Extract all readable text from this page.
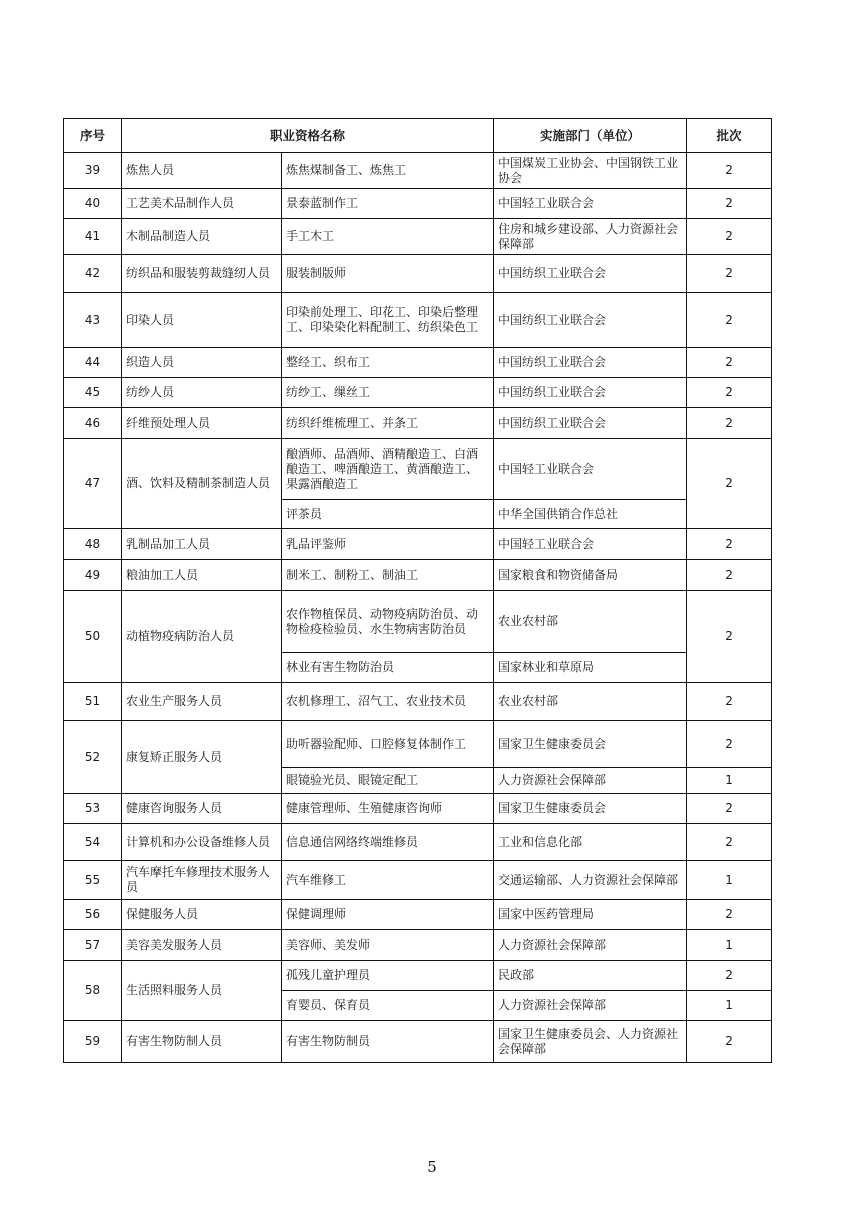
序号	职业资格名称		实施部门（单位）	批次
39	炼焦人员	炼焦煤制备工、炼焦工	中国煤炭工业协会、中国钢铁工业协会	2
40	工艺美术品制作人员	景泰蓝制作工	中国轻工业联合会	2
41	木制品制造人员	手工木工	住房和城乡建设部、人力资源社会保障部	2
42	纺织品和服装剪裁缝纫人员	服装制版师	中国纺织工业联合会	2
43	印染人员	印染前处理工、印花工、印染后整理工、印染染化料配制工、纺织染色工	中国纺织工业联合会	2
44	织造人员	整经工、织布工	中国纺织工业联合会	2
45	纺纱人员	纺纱工、缫丝工	中国纺织工业联合会	2
46	纤维预处理人员	纺织纤维梳理工、并条工	中国纺织工业联合会	2
47	酒、饮料及精制茶制造人员	酿酒师、品酒师、酒精酿造工、白酒酿造工、啤酒酿造工、黄酒酿造工、果露酒酿造工	中国轻工业联合会	2
		评茶员	中华全国供销合作总社	
48	乳制品加工人员	乳品评鉴师	中国轻工业联合会	2
49	粮油加工人员	制米工、制粉工、制油工	国家粮食和物资储备局	2
50	动植物疫病防治人员	农作物植保员、动物疫病防治员、动物检疫检验员、水生物病害防治员	农业农村部	2
		林业有害生物防治员	国家林业和草原局	
51	农业生产服务人员	农机修理工、沼气工、农业技术员	农业农村部	2
52	康复矫正服务人员	助听器验配师、口腔修复体制作工	国家卫生健康委员会	2
		眼镜验光员、眼镜定配工	人力资源社会保障部	1
53	健康咨询服务人员	健康管理师、生殖健康咨询师	国家卫生健康委员会	2
54	计算机和办公设备维修人员	信息通信网络终端维修员	工业和信息化部	2
55	汽车摩托车修理技术服务人员	汽车维修工	交通运输部、人力资源社会保障部	1
56	保健服务人员	保健调理师	国家中医药管理局	2
57	美容美发服务人员	美容师、美发师	人力资源社会保障部	1
58	生活照料服务人员	孤残儿童护理员	民政部	2
		育婴员、保育员	人力资源社会保障部	1
59	有害生物防制人员	有害生物防制员	国家卫生健康委员会、人力资源社会保障部	2
5
